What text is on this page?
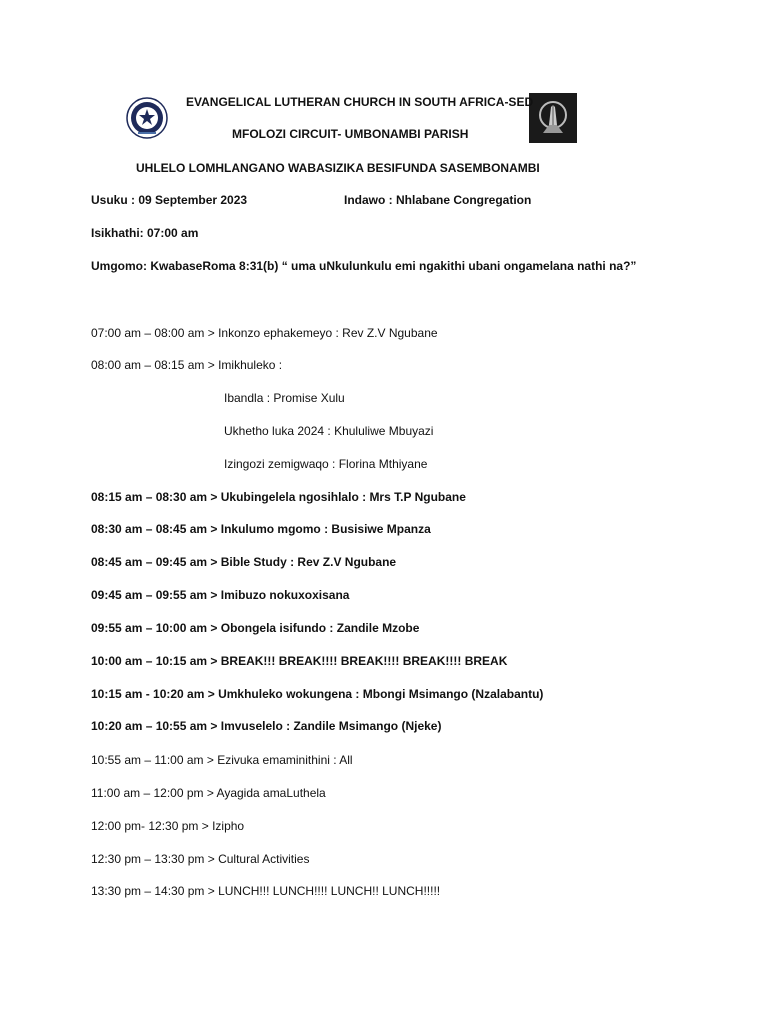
EVANGELICAL LUTHERAN CHURCH IN SOUTH AFRICA-SED
MFOLOZI CIRCUIT- UMBONAMBI PARISH
UHLELO LOMHLANGANO WABASIZIKA BESIFUNDA SASEMBONAMBI
Usuku : 09 September 2023	Indawo : Nhlabane Congregation
Isikhathi: 07:00 am
Umgomo: KwabaseRoma 8:31(b) “ uma uNkulunkulu emi ngakithi ubani ongamelana nathi na?”
07:00 am – 08:00 am > Inkonzo ephakemeyo : Rev Z.V Ngubane
08:00 am – 08:15 am > Imikhuleko :
Ibandla : Promise Xulu
Ukhetho luka 2024 : Khululiwe Mbuyazi
Izingozi zemigwaqo : Florina Mthiyane
08:15 am – 08:30 am > Ukubingelela ngosihlalo : Mrs T.P Ngubane
08:30 am – 08:45 am > Inkulumo mgomo : Busisiwe Mpanza
08:45 am – 09:45 am > Bible Study : Rev Z.V Ngubane
09:45 am – 09:55 am > Imibuzo nokuxoxisana
09:55 am – 10:00 am > Obongela isifundo : Zandile Mzobe
10:00 am – 10:15 am > BREAK!!! BREAK!!!! BREAK!!!! BREAK!!!! BREAK
10:15 am - 10:20 am > Umkhuleko wokungena : Mbongi Msimango (Nzalabantu)
10:20 am – 10:55 am > Imvuselelo : Zandile Msimango (Njeke)
10:55 am – 11:00 am > Ezivuka emaminithini : All
11:00 am – 12:00 pm > Ayagida amaLuthela
12:00 pm- 12:30 pm > Izipho
12:30 pm – 13:30 pm > Cultural Activities
13:30 pm – 14:30 pm > LUNCH!!! LUNCH!!!! LUNCH!! LUNCH!!!!!
